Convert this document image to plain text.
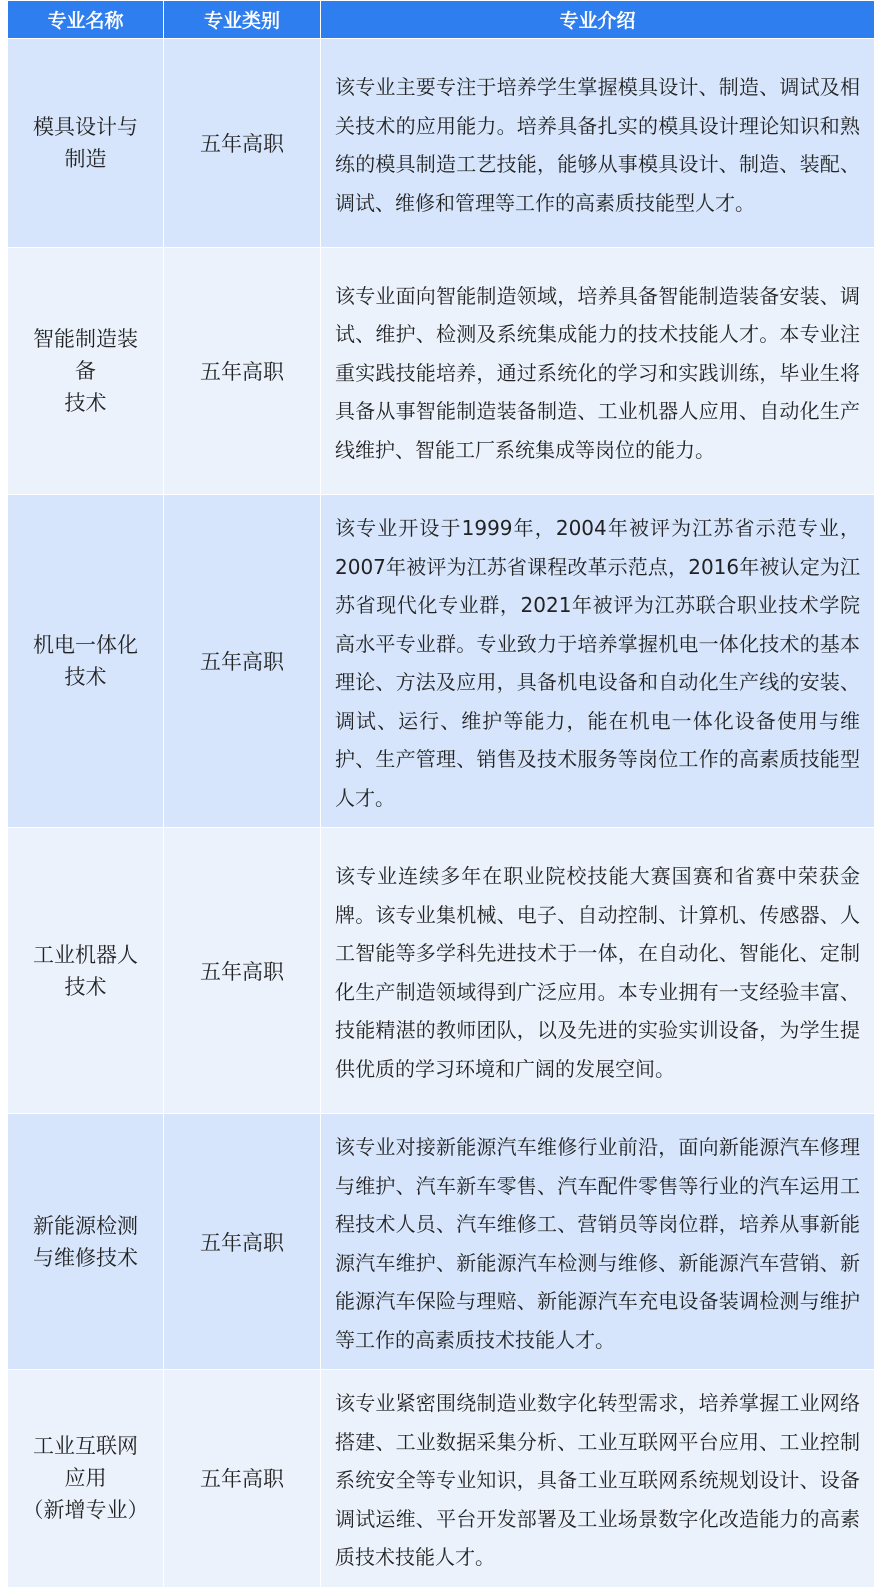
专业名称	专业类别	专业介绍

模具设计与
制造	五年高职	该专业主要专注于培养学生掌握模具设计、制造、调试及相关技术的应用能力。培养具备扎实的模具设计理论知识和熟练的模具制造工艺技能，能够从事模具设计、制造、装配、调试、维修和管理等工作的高素质技能型人才。

智能制造装
备
技术	五年高职	该专业面向智能制造领域，培养具备智能制造装备安装、调试、维护、检测及系统集成能力的技术技能人才。本专业注重实践技能培养，通过系统化的学习和实践训练，毕业生将具备从事智能制造装备制造、工业机器人应用、自动化生产线维护、智能工厂系统集成等岗位的能力。

机电一体化
技术	五年高职	该专业开设于1999年，2004年被评为江苏省示范专业，2007年被评为江苏省课程改革示范点，2016年被认定为江苏省现代化专业群，2021年被评为江苏联合职业技术学院高水平专业群。专业致力于培养掌握机电一体化技术的基本理论、方法及应用，具备机电设备和自动化生产线的安装、调试、运行、维护等能力，能在机电一体化设备使用与维护、生产管理、销售及技术服务等岗位工作的高素质技能型人才。

工业机器人
技术	五年高职	该专业连续多年在职业院校技能大赛国赛和省赛中荣获金牌。该专业集机械、电子、自动控制、计算机、传感器、人工智能等多学科先进技术于一体，在自动化、智能化、定制化生产制造领域得到广泛应用。本专业拥有一支经验丰富、技能精湛的教师团队，以及先进的实验实训设备，为学生提供优质的学习环境和广阔的发展空间。

新能源检测
与维修技术	五年高职	该专业对接新能源汽车维修行业前沿，面向新能源汽车修理与维护、汽车新车零售、汽车配件零售等行业的汽车运用工程技术人员、汽车维修工、营销员等岗位群，培养从事新能源汽车维护、新能源汽车检测与维修、新能源汽车营销、新能源汽车保险与理赔、新能源汽车充电设备装调检测与维护等工作的高素质技术技能人才。

工业互联网
应用
（新增专业）	五年高职	该专业紧密围绕制造业数字化转型需求，培养掌握工业网络搭建、工业数据采集分析、工业互联网平台应用、工业控制系统安全等专业知识，具备工业互联网系统规划设计、设备调试运维、平台开发部署及工业场景数字化改造能力的高素质技术技能人才。
